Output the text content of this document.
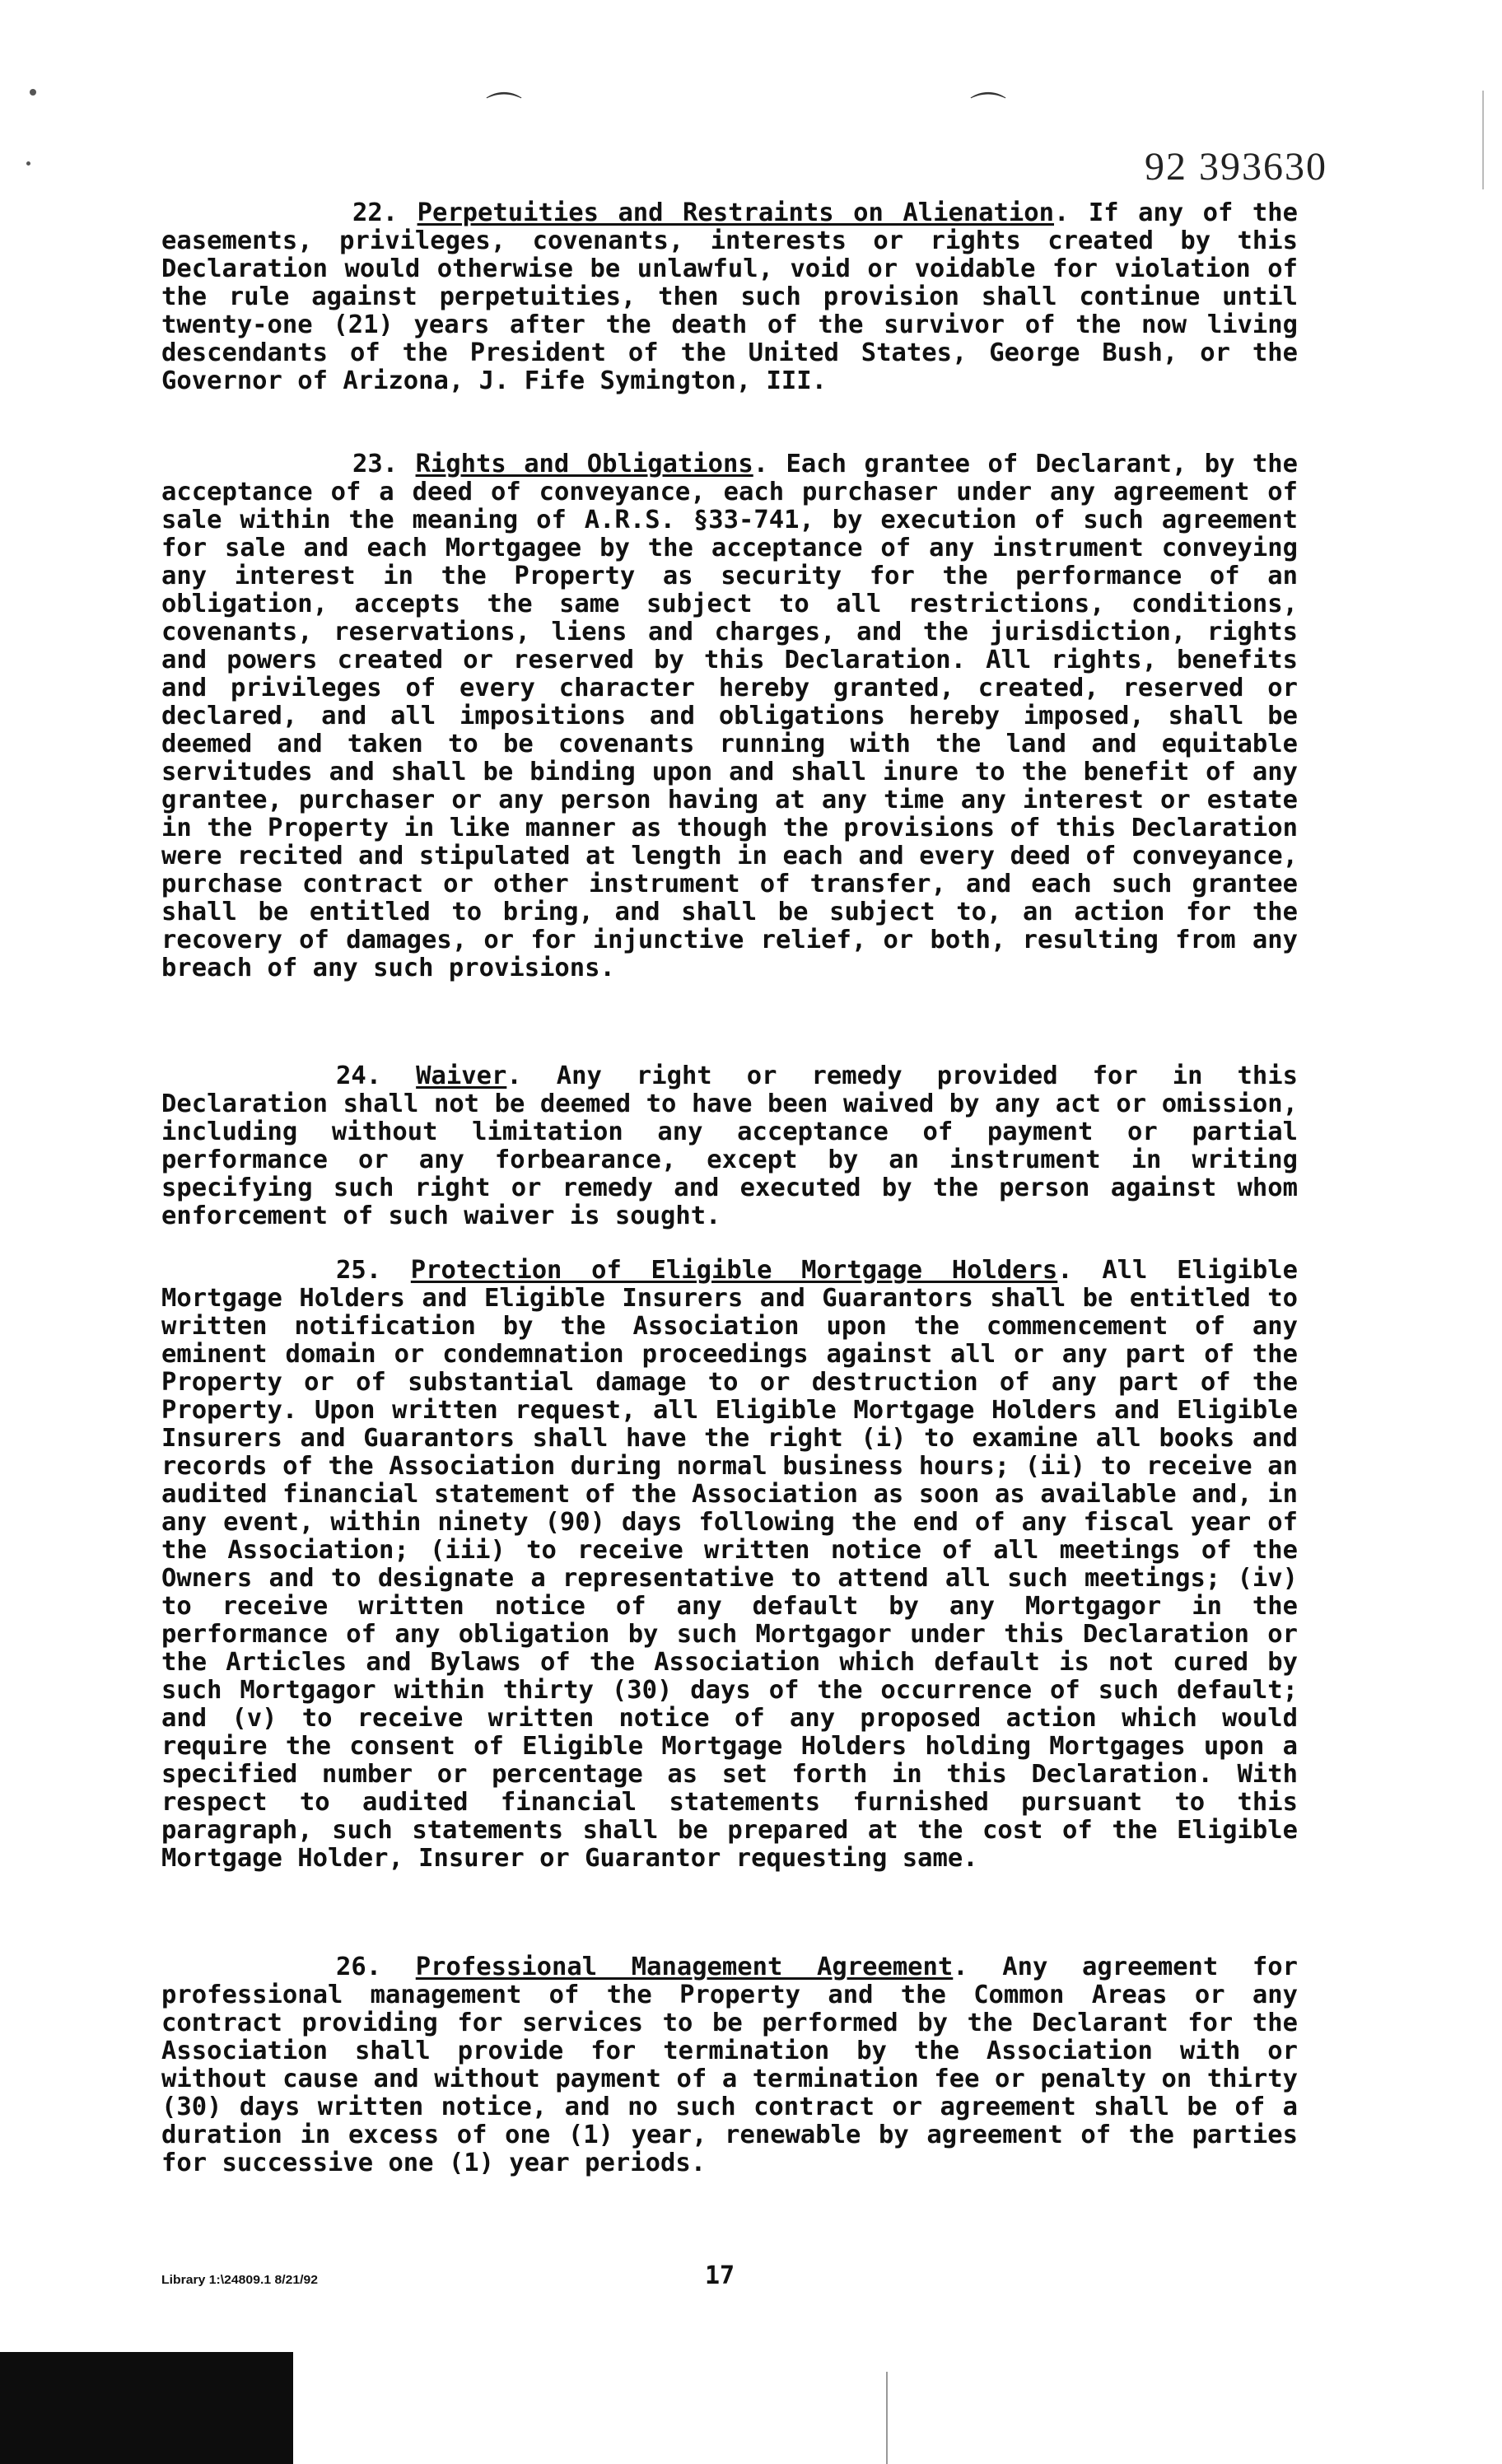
⌒	⌒
92 393630

22. Perpetuities and Restraints on Alienation. If any of the easements, privileges, covenants, interests or rights created by this Declaration would otherwise be unlawful, void or voidable for violation of the rule against perpetuities, then such provision shall continue until twenty-one (21) years after the death of the survivor of the now living descendants of the President of the United States, George Bush, or the Governor of Arizona, J. Fife Symington, III.

23. Rights and Obligations. Each grantee of Declarant, by the acceptance of a deed of conveyance, each purchaser under any agreement of sale within the meaning of A.R.S. §33-741, by execution of such agreement for sale and each Mortgagee by the acceptance of any instrument conveying any interest in the Property as security for the performance of an obligation, accepts the same subject to all restrictions, conditions, covenants, reservations, liens and charges, and the jurisdiction, rights and powers created or reserved by this Declaration. All rights, benefits and privileges of every character hereby granted, created, reserved or declared, and all impositions and obligations hereby imposed, shall be deemed and taken to be covenants running with the land and equitable servitudes and shall be binding upon and shall inure to the benefit of any grantee, purchaser or any person having at any time any interest or estate in the Property in like manner as though the provisions of this Declaration were recited and stipulated at length in each and every deed of conveyance, purchase contract or other instrument of transfer, and each such grantee shall be entitled to bring, and shall be subject to, an action for the recovery of damages, or for injunctive relief, or both, resulting from any breach of any such provisions.

24. Waiver. Any right or remedy provided for in this Declaration shall not be deemed to have been waived by any act or omission, including without limitation any acceptance of payment or partial performance or any forbearance, except by an instrument in writing specifying such right or remedy and executed by the person against whom enforcement of such waiver is sought.

25. Protection of Eligible Mortgage Holders. All Eligible Mortgage Holders and Eligible Insurers and Guarantors shall be entitled to written notification by the Association upon the commencement of any eminent domain or condemnation proceedings against all or any part of the Property or of substantial damage to or destruction of any part of the Property. Upon written request, all Eligible Mortgage Holders and Eligible Insurers and Guarantors shall have the right (i) to examine all books and records of the Association during normal business hours; (ii) to receive an audited financial statement of the Association as soon as available and, in any event, within ninety (90) days following the end of any fiscal year of the Association; (iii) to receive written notice of all meetings of the Owners and to designate a representative to attend all such meetings; (iv) to receive written notice of any default by any Mortgagor in the performance of any obligation by such Mortgagor under this Declaration or the Articles and Bylaws of the Association which default is not cured by such Mortgagor within thirty (30) days of the occurrence of such default; and (v) to receive written notice of any proposed action which would require the consent of Eligible Mortgage Holders holding Mortgages upon a specified number or percentage as set forth in this Declaration. With respect to audited financial statements furnished pursuant to this paragraph, such statements shall be prepared at the cost of the Eligible Mortgage Holder, Insurer or Guarantor requesting same.

26. Professional Management Agreement. Any agreement for professional management of the Property and the Common Areas or any contract providing for services to be performed by the Declarant for the Association shall provide for termination by the Association with or without cause and without payment of a termination fee or penalty on thirty (30) days written notice, and no such contract or agreement shall be of a duration in excess of one (1) year, renewable by agreement of the parties for successive one (1) year periods.

Library 1:\24809.1 8/21/92	17
